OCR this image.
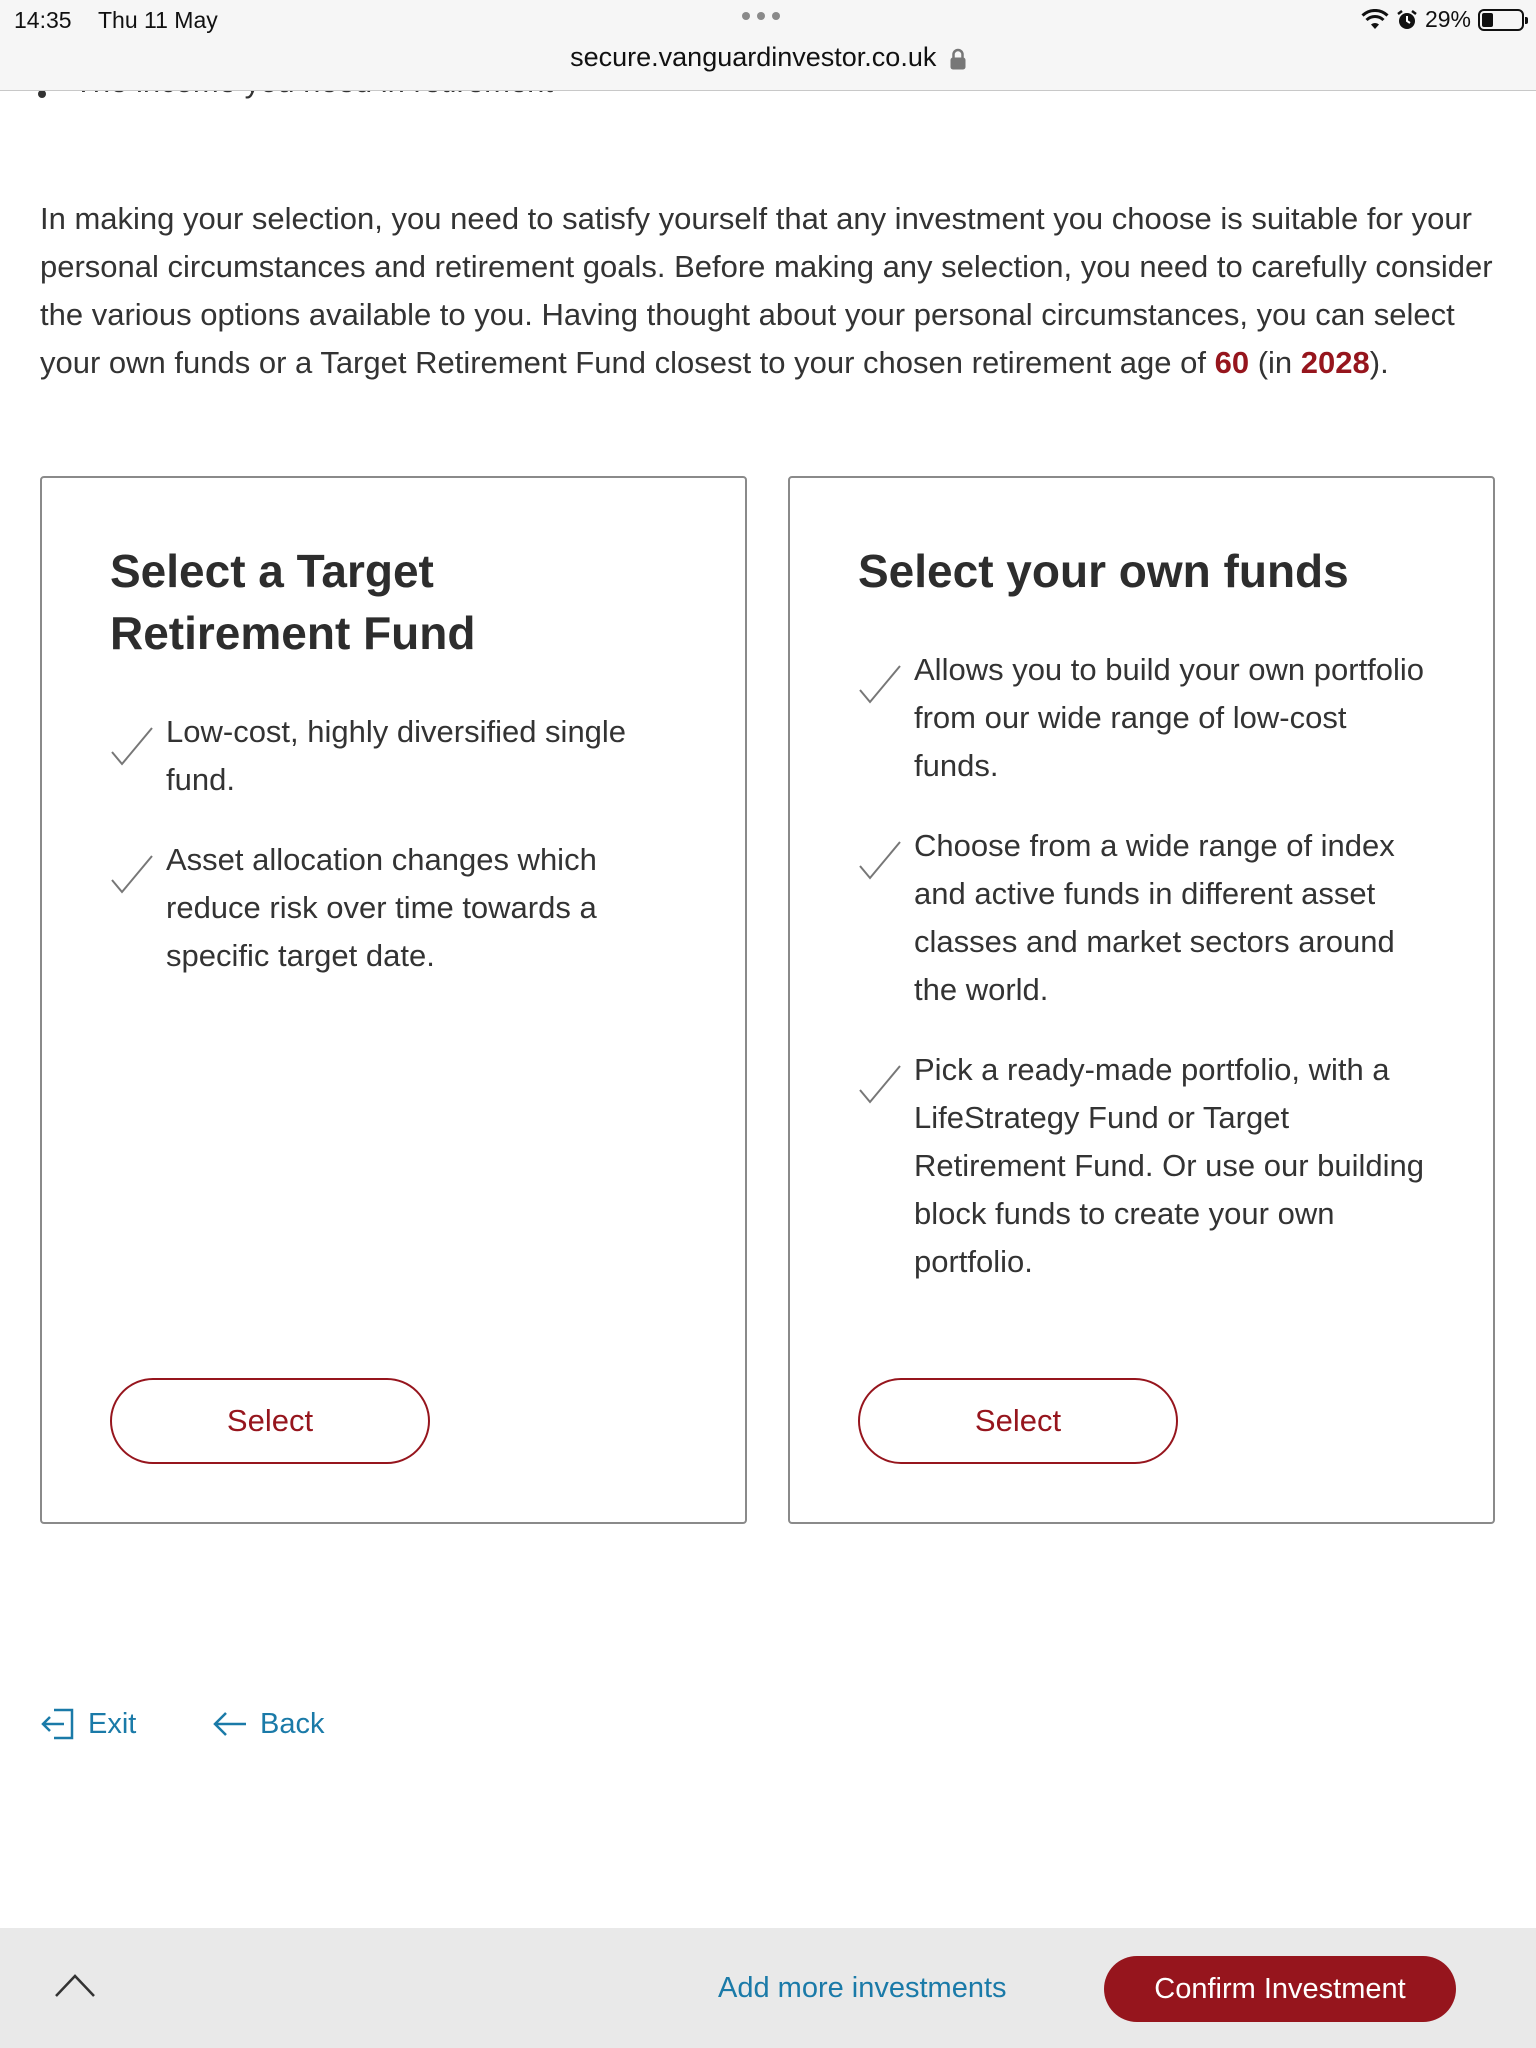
14:35 Thu 11 May	29%
secure.vanguardinvestor.co.uk

In making your selection, you need to satisfy yourself that any investment you choose is suitable for your personal circumstances and retirement goals. Before making any selection, you need to carefully consider the various options available to you. Having thought about your personal circumstances, you can select your own funds or a Target Retirement Fund closest to your chosen retirement age of 60 (in 2028).

Select a Target Retirement Fund
Low-cost, highly diversified single fund.
Asset allocation changes which reduce risk over time towards a specific target date.
Select
Select your own funds
Allows you to build your own portfolio from our wide range of low-cost funds.
Choose from a wide range of index and active funds in different asset classes and market sectors around the world.
Pick a ready-made portfolio, with a LifeStrategy Fund or Target Retirement Fund. Or use our building block funds to create your own portfolio.
Select
Exit	Back
Add more investments	Confirm Investment
